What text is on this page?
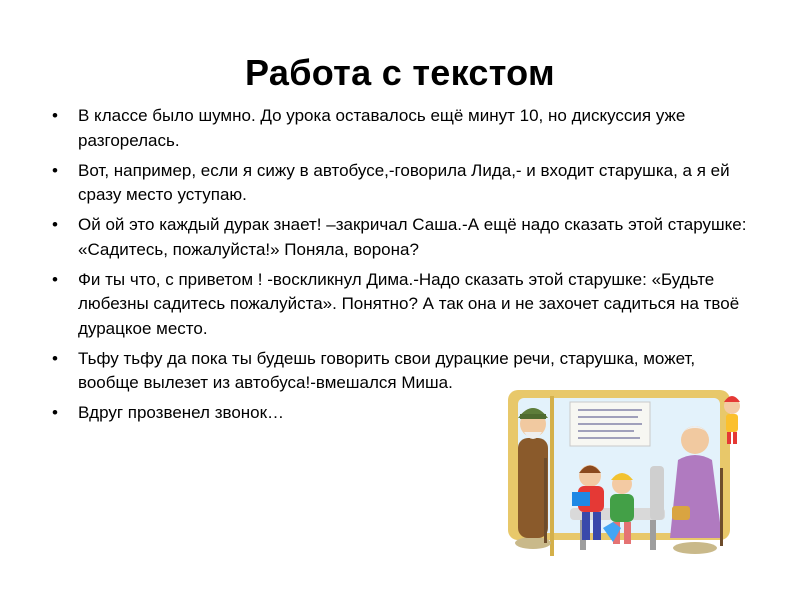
Работа с текстом
• В классе было шумно. До урока оставалось ещё минут 10, но дискуссия уже разгорелась.
• Вот, например, если я сижу в автобусе,-говорила Лида,- и входит старушка, а я ей сразу место уступаю.
• Ой ой это каждый дурак знает! –закричал Саша.-А ещё надо сказать этой старушке: «Садитесь, пожалуйста!» Поняла, ворона?
• Фи ты что, с приветом ! -воскликнул Дима.-Надо сказать этой старушке: «Будьте любезны садитесь пожалуйста». Понятно? А так она и не захочет садиться на твоё дурацкое место.
• Тьфу тьфу да пока ты будешь говорить свои дурацкие речи, старушка, может, вообще вылезет из автобуса!-вмешался Миша.
• Вдруг прозвенел звонок…
